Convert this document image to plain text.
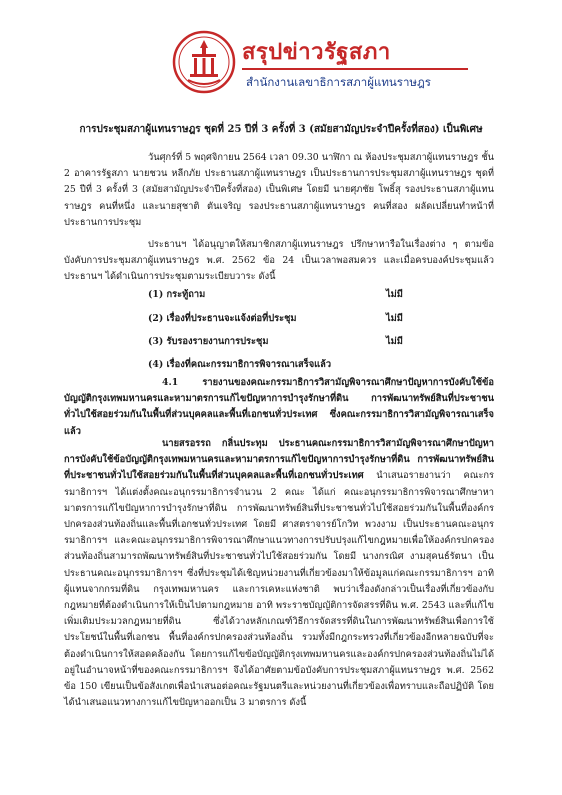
สรุปข่าวรัฐสภา
สำนักงานเลขาธิการสภาผู้แทนราษฎร
การประชุมสภาผู้แทนราษฎร ชุดที่ 25 ปีที่ 3 ครั้งที่ 3 (สมัยสามัญประจำปีครั้งที่สอง) เป็นพิเศษ
วันศุกร์ที่ 5 พฤศจิกายน 2564 เวลา 09.30 นาฬิกา ณ ห้องประชุมสภาผู้แทนราษฎร ชั้น 2 อาคารรัฐสภา นายชวน หลีกภัย ประธานสภาผู้แทนราษฎร เป็นประธานการประชุมสภาผู้แทนราษฎร ชุดที่ 25 ปีที่ 3 ครั้งที่ 3 (สมัยสามัญประจำปีครั้งที่สอง) เป็นพิเศษ โดยมี นายศุภชัย โพธิ์สุ รองประธานสภาผู้แทนราษฎร คนที่หนึ่ง และนายสุชาติ ตันเจริญ รองประธานสภาผู้แทนราษฎร คนที่สอง ผลัดเปลี่ยนทำหน้าที่ประธานการประชุม
ประธานฯ ได้อนุญาตให้สมาชิกสภาผู้แทนราษฎร ปรึกษาหารือในเรื่องต่าง ๆ ตามข้อบังคับการประชุมสภาผู้แทนราษฎร พ.ศ. 2562 ข้อ 24 เป็นเวลาพอสมควร และเมื่อครบองค์ประชุมแล้ว ประธานฯ ได้ดำเนินการประชุมตามระเบียบวาระ ดังนี้
(1) กระทู้ถาม	ไม่มี
(2) เรื่องที่ประธานจะแจ้งต่อที่ประชุม	ไม่มี
(3) รับรองรายงานการประชุม	ไม่มี
(4) เรื่องที่คณะกรรมาธิการพิจารณาเสร็จแล้ว
4.1 รายงานของคณะกรรมาธิการวิสามัญพิจารณาศึกษาปัญหาการบังคับใช้ข้อบัญญัติกรุงเทพมหานครและหามาตรการแก้ไขปัญหาการบำรุงรักษาที่ดิน การพัฒนาทรัพย์สินที่ประชาชนทั่วไปใช้สอยร่วมกันในพื้นที่ส่วนบุคคลและพื้นที่เอกชนทั่วประเทศ ซึ่งคณะกรรมาธิการวิสามัญพิจารณาเสร็จแล้ว
นายสรอรรถ กลิ่นประทุม ประธานคณะกรรมาธิการวิสามัญพิจารณาศึกษาปัญหาการบังคับใช้ข้อบัญญัติกรุงเทพมหานครและหามาตรการแก้ไขปัญหาการบำรุงรักษาที่ดิน การพัฒนาทรัพย์สินที่ประชาชนทั่วไปใช้สอยร่วมกันในพื้นที่ส่วนบุคคลและพื้นที่เอกชนทั่วประเทศ นำเสนอรายงานว่า คณะกรรมาธิการฯ ได้แต่งตั้งคณะอนุกรรมาธิการจำนวน 2 คณะ ได้แก่ คณะอนุกรรมาธิการพิจารณาศึกษาหามาตรการแก้ไขปัญหาการบำรุงรักษาที่ดิน การพัฒนาทรัพย์สินที่ประชาชนทั่วไปใช้สอยร่วมกันในพื้นที่องค์กรปกครองส่วนท้องถิ่นและพื้นที่เอกชนทั่วประเทศ โดยมี ศาสตราจารย์โกวิท พวงงาม เป็นประธานคณะอนุกรรมาธิการฯ และคณะอนุกรรมาธิการพิจารณาศึกษาแนวทางการปรับปรุงแก้ไขกฎหมายเพื่อให้องค์กรปกครองส่วนท้องถิ่นสามารถพัฒนาทรัพย์สินที่ประชาชนทั่วไปใช้สอยร่วมกัน โดยมี นางกรณิศ งามสุคนธ์รัตนา เป็นประธานคณะอนุกรรมาธิการฯ ซึ่งที่ประชุมได้เชิญหน่วยงานที่เกี่ยวข้องมาให้ข้อมูลแก่คณะกรรมาธิการฯ อาทิ ผู้แทนจากกรมที่ดิน กรุงเทพมหานคร และการเคหะแห่งชาติ พบว่าเรื่องดังกล่าวเป็นเรื่องที่เกี่ยวข้องกับกฎหมายที่ต้องดำเนินการให้เป็นไปตามกฎหมาย อาทิ พระราชบัญญัติการจัดสรรที่ดิน พ.ศ. 2543 และที่แก้ไขเพิ่มเติมประมวลกฎหมายที่ดิน ซึ่งได้วางหลักเกณฑ์วิธีการจัดสรรที่ดินในการพัฒนาทรัพย์สินเพื่อการใช้ประโยชน์ในพื้นที่เอกชน พื้นที่องค์กรปกครองส่วนท้องถิ่น รวมทั้งมีกฎกระทรวงที่เกี่ยวข้องอีกหลายฉบับที่จะต้องดำเนินการให้สอดคล้องกัน โดยการแก้ไขข้อบัญญัติกรุงเทพมหานครและองค์กรปกครองส่วนท้องถิ่นไม่ได้อยู่ในอำนาจหน้าที่ของคณะกรรมาธิการฯ จึงได้อาศัยตามข้อบังคับการประชุมสภาผู้แทนราษฎร พ.ศ. 2562 ข้อ 150 เขียนเป็นข้อสังเกตเพื่อนำเสนอต่อคณะรัฐมนตรีและหน่วยงานที่เกี่ยวข้องเพื่อทราบและถือปฏิบัติ โดยได้นำเสนอแนวทางการแก้ไขปัญหาออกเป็น 3 มาตรการ ดังนี้
